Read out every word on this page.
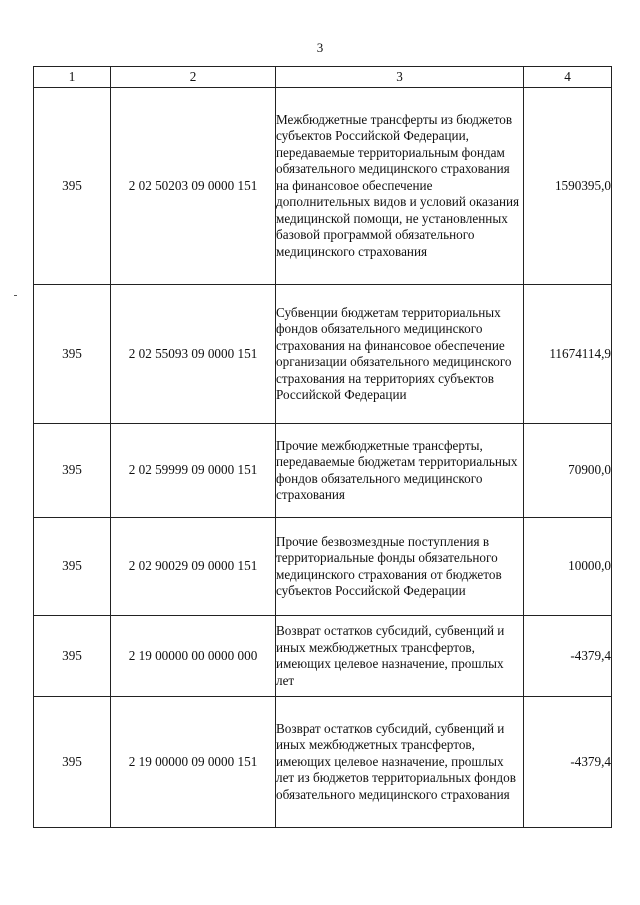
3
1	2	3	4
395	2 02 50203 09 0000 151	Межбюджетные трансферты из бюджетов субъектов Российской Федерации, передаваемые территориальным фондам обязательного медицинского страхования на финансовое обеспечение дополнительных видов и условий оказания медицинской помощи, не установленных базовой программой обязательного медицинского страхования	1590395,0
395	2 02 55093 09 0000 151	Субвенции бюджетам территориальных фондов обязательного медицинского страхования на финансовое обеспечение организации обязательного медицинского страхования на территориях субъектов Российской Федерации	11674114,9
395	2 02 59999 09 0000 151	Прочие межбюджетные трансферты, передаваемые бюджетам территориальных фондов обязательного медицинского страхования	70900,0
395	2 02 90029 09 0000 151	Прочие безвозмездные поступления в территориальные фонды обязательного медицинского страхования от бюджетов субъектов Российской Федерации	10000,0
395	2 19 00000 00 0000 000	Возврат остатков субсидий, субвенций и иных межбюджетных трансфертов, имеющих целевое назначение, прошлых лет	-4379,4
395	2 19 00000 09 0000 151	Возврат остатков субсидий, субвенций и иных межбюджетных трансфертов, имеющих целевое назначение, прошлых лет из бюджетов территориальных фондов обязательного медицинского страхования	-4379,4
